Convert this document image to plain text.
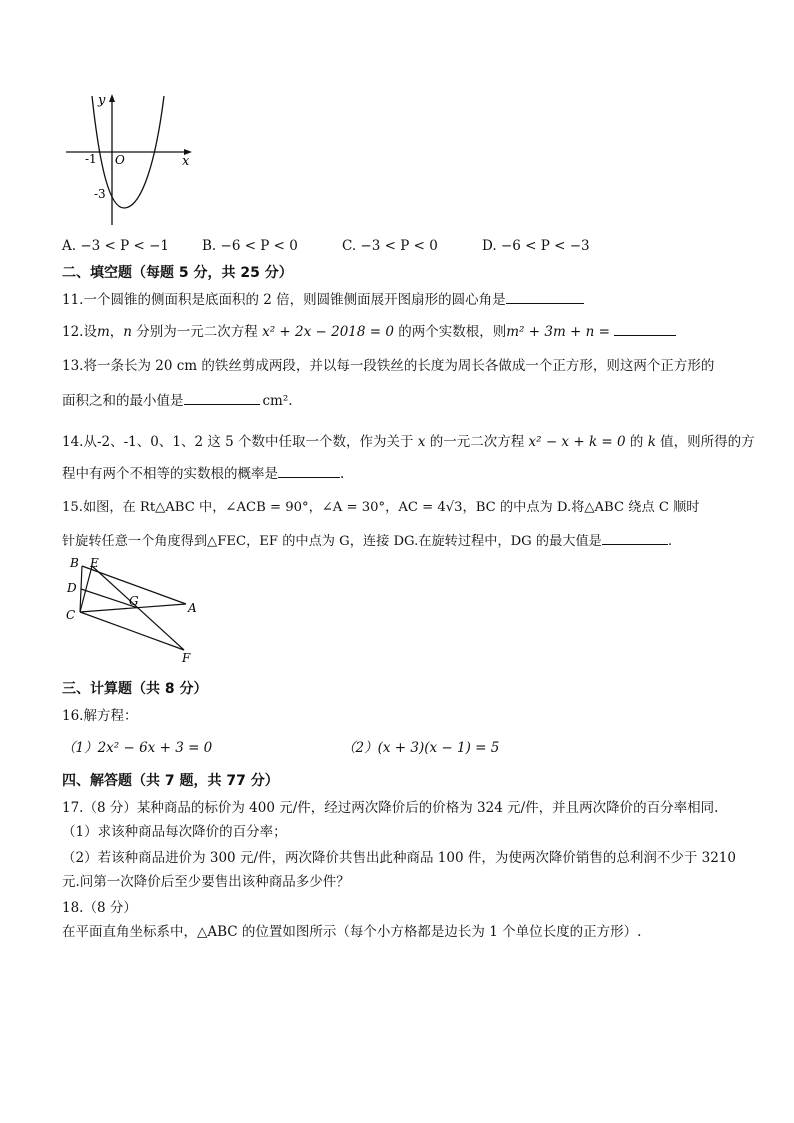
y
x
O
-1
-3
A. −3 < P < −1 B. −6 < P < 0	C. −3 < P < 0	D. −6 < P < −3
二、填空题（每题 5 分，共 25 分）
11.一个圆锥的侧面积是底面积的 2 倍，则圆锥侧面展开图扇形的圆心角是
12.设m，n 分别为一元二次方程 x² + 2x − 2018 = 0 的两个实数根，则m² + 3m + n =
13.将一条长为 20 cm 的铁丝剪成两段，并以每一段铁丝的长度为周长各做成一个正方形，则这两个正方形的
面积之和的最小值是	cm².
14.从-2、-1、0、1、2 这 5 个数中任取一个数，作为关于 x 的一元二次方程 x² − x + k = 0 的 k 值，则所得的方
程中有两个不相等的实数根的概率是	.
15.如图，在 Rt△ABC 中，∠ACB = 90°，∠A = 30°，AC = 4√3，BC 的中点为 D.将△ABC 绕点 C 顺时
针旋转任意一个角度得到△FEC，EF 的中点为 G，连接 DG.在旋转过程中，DG 的最大值是	.
B E
D
G	A
C
F
三、计算题（共 8 分）
16.解方程：
（1）2x² − 6x + 3 = 0	（2）(x + 3)(x − 1) = 5
四、解答题（共 7 题，共 77 分）
17.（8 分）某种商品的标价为 400 元/件，经过两次降价后的价格为 324 元/件，并且两次降价的百分率相同.
（1）求该种商品每次降价的百分率；
（2）若该种商品进价为 300 元/件，两次降价共售出此种商品 100 件，为使两次降价销售的总利润不少于 3210
元.问第一次降价后至少要售出该种商品多少件？
18.（8 分）
在平面直角坐标系中，△ABC 的位置如图所示（每个小方格都是边长为 1 个单位长度的正方形）.
